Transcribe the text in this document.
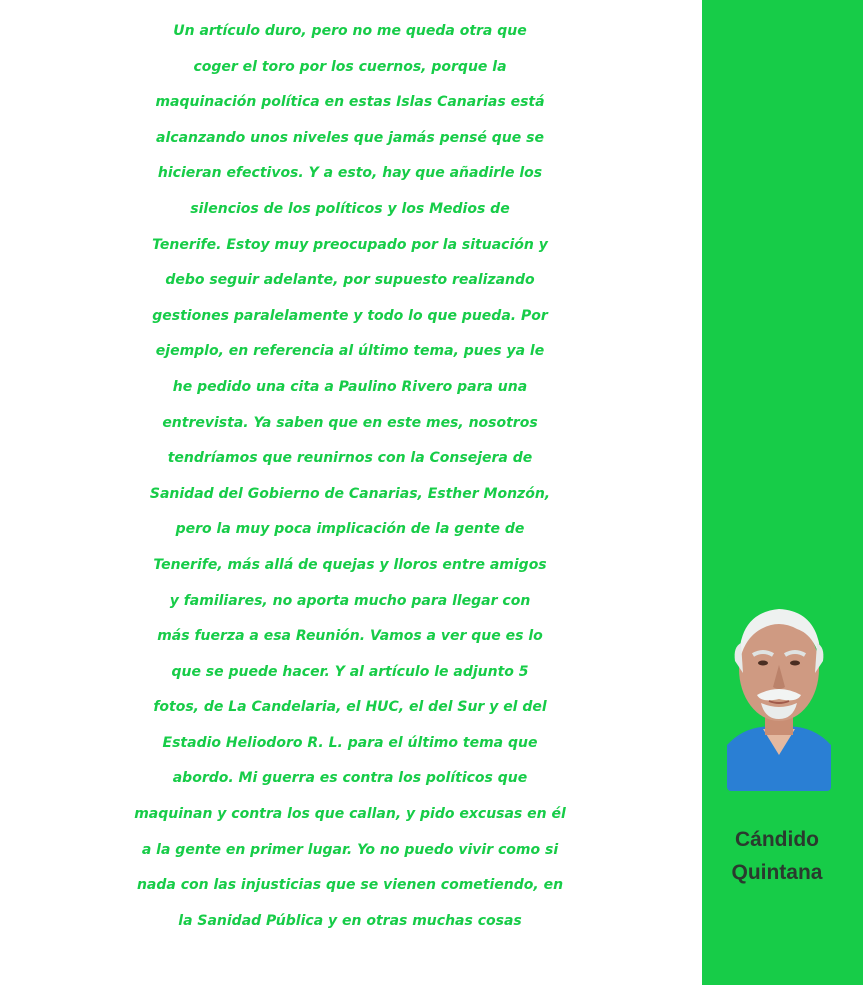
Un artículo duro, pero no me queda otra que
coger el toro por los cuernos, porque la
maquinación política en estas Islas Canarias está
alcanzando unos niveles que jamás pensé que se
hicieran efectivos. Y a esto, hay que añadirle los
silencios de los políticos y los Medios de
Tenerife. Estoy muy preocupado por la situación y
debo seguir adelante, por supuesto realizando
gestiones paralelamente y todo lo que pueda. Por
ejemplo, en referencia al último tema, pues ya le
he pedido una cita a Paulino Rivero para una
entrevista. Ya saben que en este mes, nosotros
tendríamos que reunirnos con la Consejera de
Sanidad del Gobierno de Canarias, Esther Monzón,
pero la muy poca implicación de la gente de
Tenerife, más allá de quejas y lloros entre amigos
y familiares, no aporta mucho para llegar con
más fuerza a esa Reunión. Vamos a ver que es lo
que se puede hacer. Y al artículo le adjunto 5
fotos, de La Candelaria, el HUC, el del Sur y el del
Estadio Heliodoro R. L. para el último tema que
abordo. Mi guerra es contra los políticos que
maquinan y contra los que callan, y pido excusas en él
a la gente en primer lugar. Yo no puedo vivir como si
nada con las injusticias que se vienen cometiendo, en
la Sanidad Pública y en otras muchas cosas
Cándido
Quintana
